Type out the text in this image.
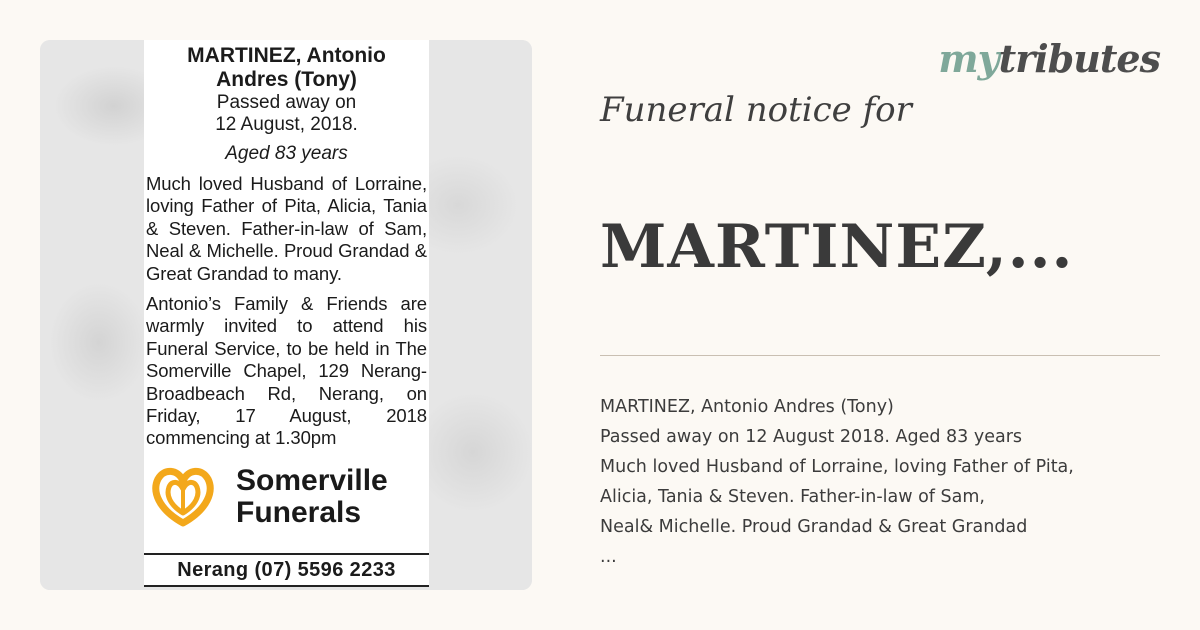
MARTINEZ, Antonio
Andres (Tony)
Passed away on
12 August, 2018.
Aged 83 years
Much loved Husband of Lorraine, loving Father of Pita, Alicia, Tania & Steven. Father-in-law of Sam, Neal & Michelle. Proud Grandad & Great Grandad to many.
Antonio’s Family & Friends are warmly invited to attend his Funeral Service, to be held in The Somerville Chapel, 129 Nerang-Broadbeach Rd, Nerang, on Friday, 17 August, 2018 commencing at 1.30pm
Somerville
Funerals
Nerang (07) 5596 2233
mytributes
Funeral notice for
MARTINEZ,...
MARTINEZ, Antonio Andres (Tony)
Passed away on 12 August 2018. Aged 83 years
Much loved Husband of Lorraine, loving Father of Pita,
Alicia, Tania & Steven. Father-in-law of Sam,
Neal& Michelle. Proud Grandad & Great Grandad
...
